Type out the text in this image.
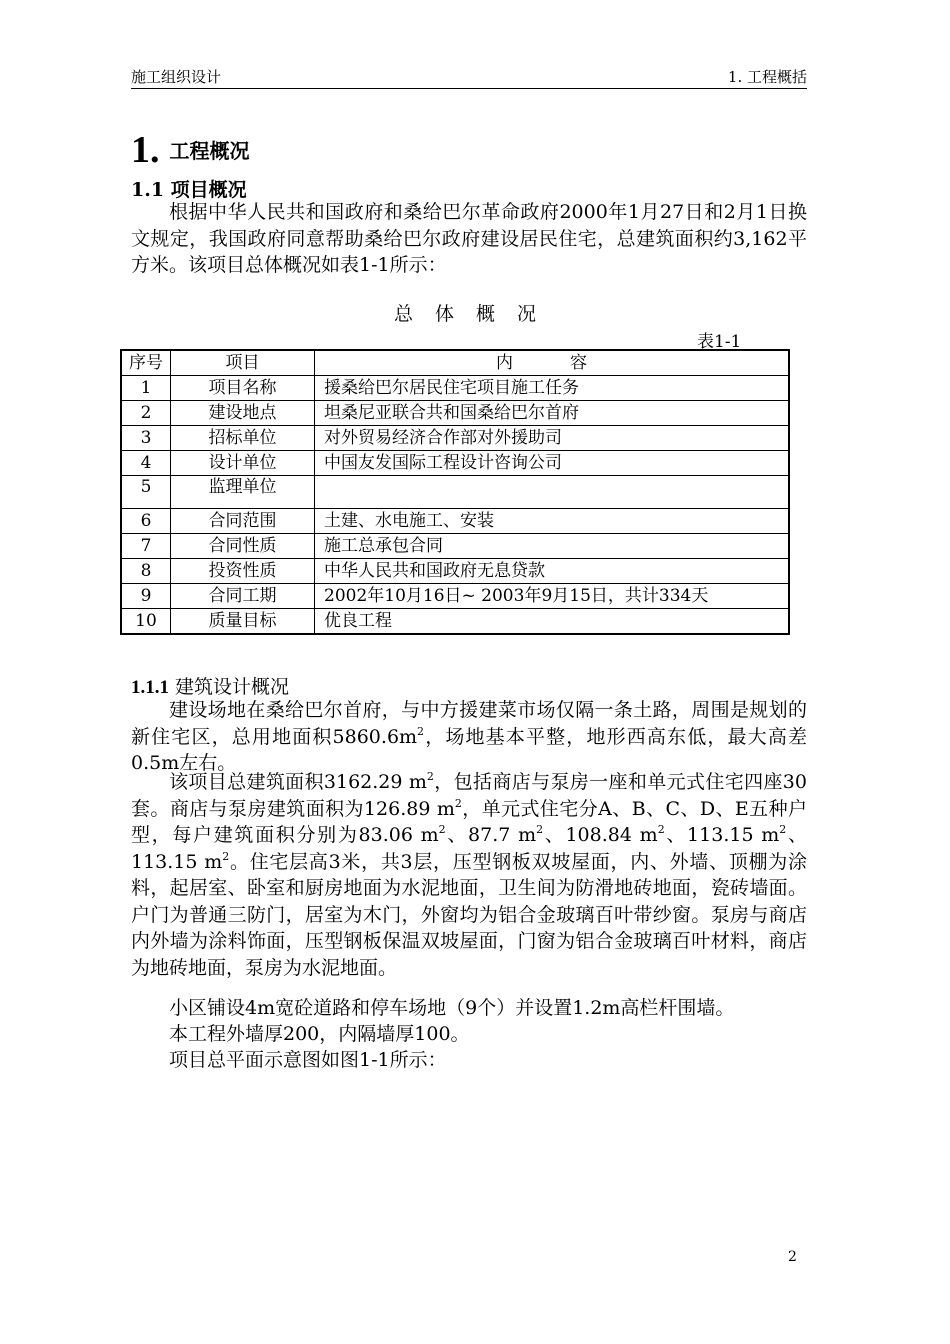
施工组织设计	1. 工程概括
1. 工程概况
1.1 项目概况
根据中华人民共和国政府和桑给巴尔革命政府2000年1月27日和2月1日换文规定，我国政府同意帮助桑给巴尔政府建设居民住宅，总建筑面积约3,162平方米。该项目总体概况如表1-1所示：
总 体 概 况
表1-1
序号	项目	内　容
1	项目名称	援桑给巴尔居民住宅项目施工任务
2	建设地点	坦桑尼亚联合共和国桑给巴尔首府
3	招标单位	对外贸易经济合作部对外援助司
4	设计单位	中国友发国际工程设计咨询公司
5	监理单位	
6	合同范围	土建、水电施工、安装
7	合同性质	施工总承包合同
8	投资性质	中华人民共和国政府无息贷款
9	合同工期	2002年10月16日~ 2003年9月15日，共计334天
10	质量目标	优良工程
1.1.1 建筑设计概况
建设场地在桑给巴尔首府，与中方援建菜市场仅隔一条土路，周围是规划的新住宅区，总用地面积$5860.6m^2$，场地基本平整，地形西高东低，最大高差0.5m左右。
该项目总建筑面积3162.29 $m^2$，包括商店与泵房一座和单元式住宅四座30套。商店与泵房建筑面积为126.89 $m^2$，单元式住宅分A、B、C、D、E五种户型，每户建筑面积分别为83.06 $m^2$、87.7 $m^2$、108.84 $m^2$、113.15 $m^2$、113.15 $m^2$。住宅层高3米，共3层，压型钢板双坡屋面，内、外墙、顶棚为涂料，起居室、卧室和厨房地面为水泥地面，卫生间为防滑地砖地面，瓷砖墙面。户门为普通三防门，居室为木门，外窗均为铝合金玻璃百叶带纱窗。泵房与商店内外墙为涂料饰面，压型钢板保温双坡屋面，门窗为铝合金玻璃百叶材料，商店为地砖地面，泵房为水泥地面。
小区铺设4m宽砼道路和停车场地（9个）并设置1.2m高栏杆围墙。
本工程外墙厚200，内隔墙厚100。
项目总平面示意图如图1-1所示：
2
